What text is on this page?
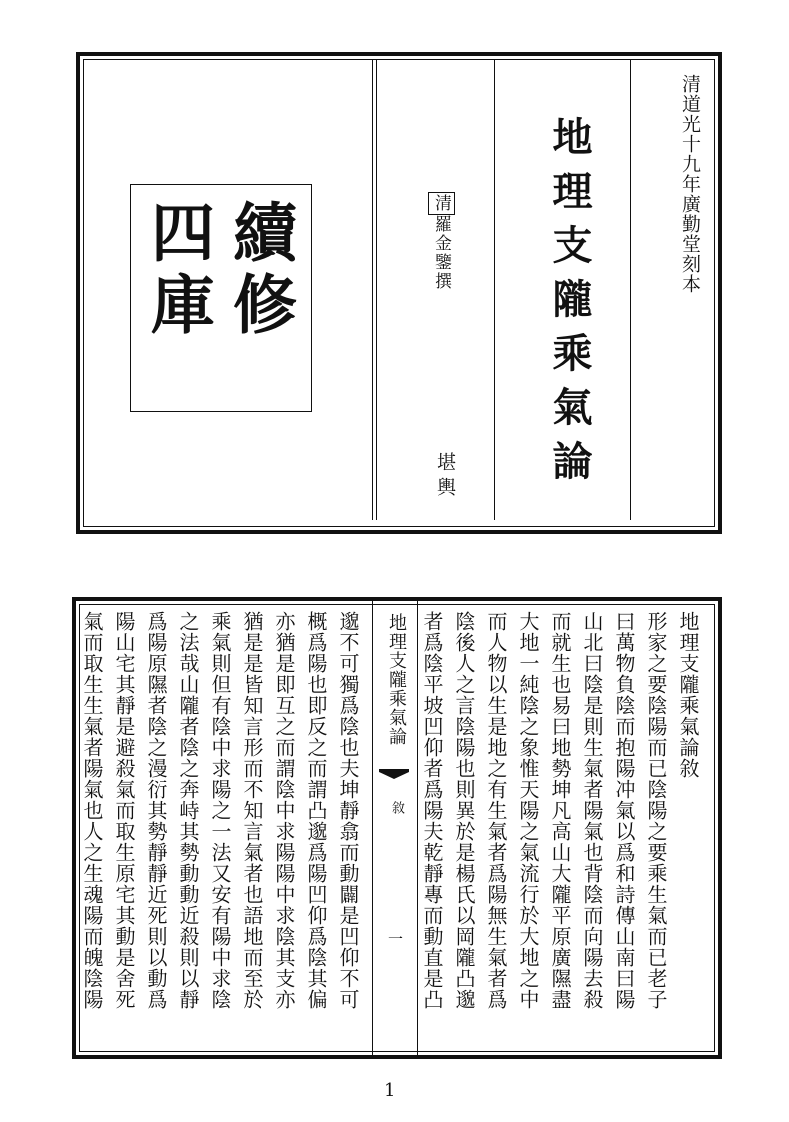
清道光十九年廣勤堂刻本
地理支隴乘氣論
清羅金鑒撰
堪輿
續修
四庫
地理支隴乘氣論敘
形家之要陰陽而已陰陽之要乘生氣而已老子
曰萬物負陰而抱陽冲氣以爲和詩傳山南曰陽
山北曰陰是則生氣者陽氣也背陰而向陽去殺
而就生也易曰地勢坤凡高山大隴平原廣隰盡
大地一純陰之象惟天陽之氣流行於大地之中
而人物以生是地之有生氣者爲陽無生氣者爲
陰後人之言陰陽也則異於是楊氏以岡隴凸邈
者爲陰平坡凹仰者爲陽夫乾靜專而動直是凸
地理支隴乘氣論
敘
一
邈不可獨爲陰也夫坤靜翕而動闢是凹仰不可
概爲陽也即反之而謂凸邈爲陽凹仰爲陰其偏
亦猶是即互之而謂陰中求陽陽中求陰其支亦
猶是是皆知言形而不知言氣者也語地而至於
乘氣則但有陰中求陽之一法又安有陽中求陰
之法哉山隴者陰之奔峙其勢動動近殺則以靜
爲陽原隰者陰之漫衍其勢靜靜近死則以動爲
陽山宅其靜是避殺氣而取生原宅其動是舍死
氣而取生生氣者陽氣也人之生魂陽而魄陰陽
1
